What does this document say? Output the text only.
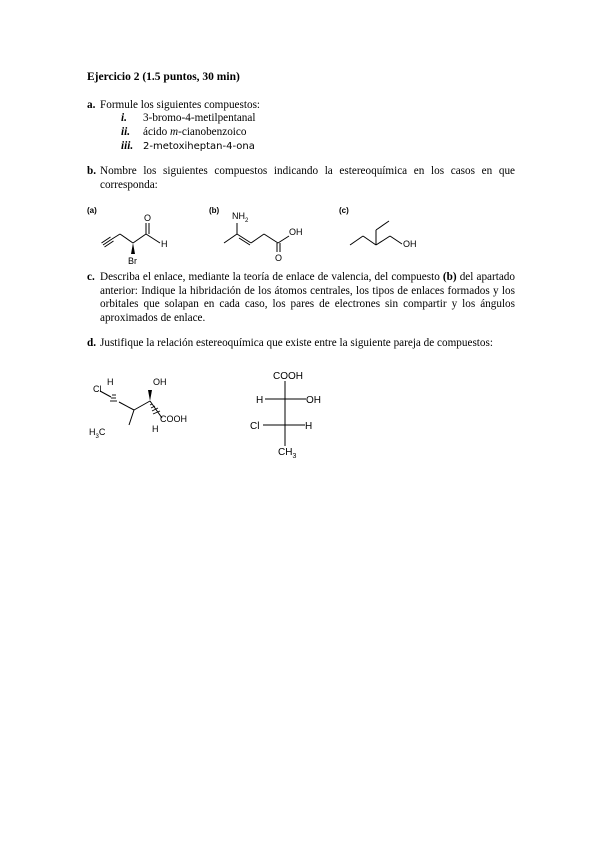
Ejercicio 2 (1.5 puntos, 30 min)
a. Formule los siguientes compuestos:
i.	3-bromo-4-metilpentanal
ii.	ácido m-cianobenzoico
iii. 2-metoxiheptan-4-ona
b. Nombre los siguientes compuestos indicando la estereoquímica en los casos en que corresponda:
(a)
O
H
Br
(b)
$NH_2$
OH
O
(c)
OH
c. Describa el enlace, mediante la teoría de enlace de valencia, del compuesto (b) del apartado anterior: Indique la hibridación de los átomos centrales, los tipos de enlaces formados y los orbitales que solapan en cada caso, los pares de electrones sin compartir y los ángulos aproximados de enlace.
d. Justifique la relación estereoquímica que existe entre la siguiente pareja de compuestos:
Cl
H	OH
COOH
H
$H_3C$
COOH
H	OH
Cl	H
$CH_3$
